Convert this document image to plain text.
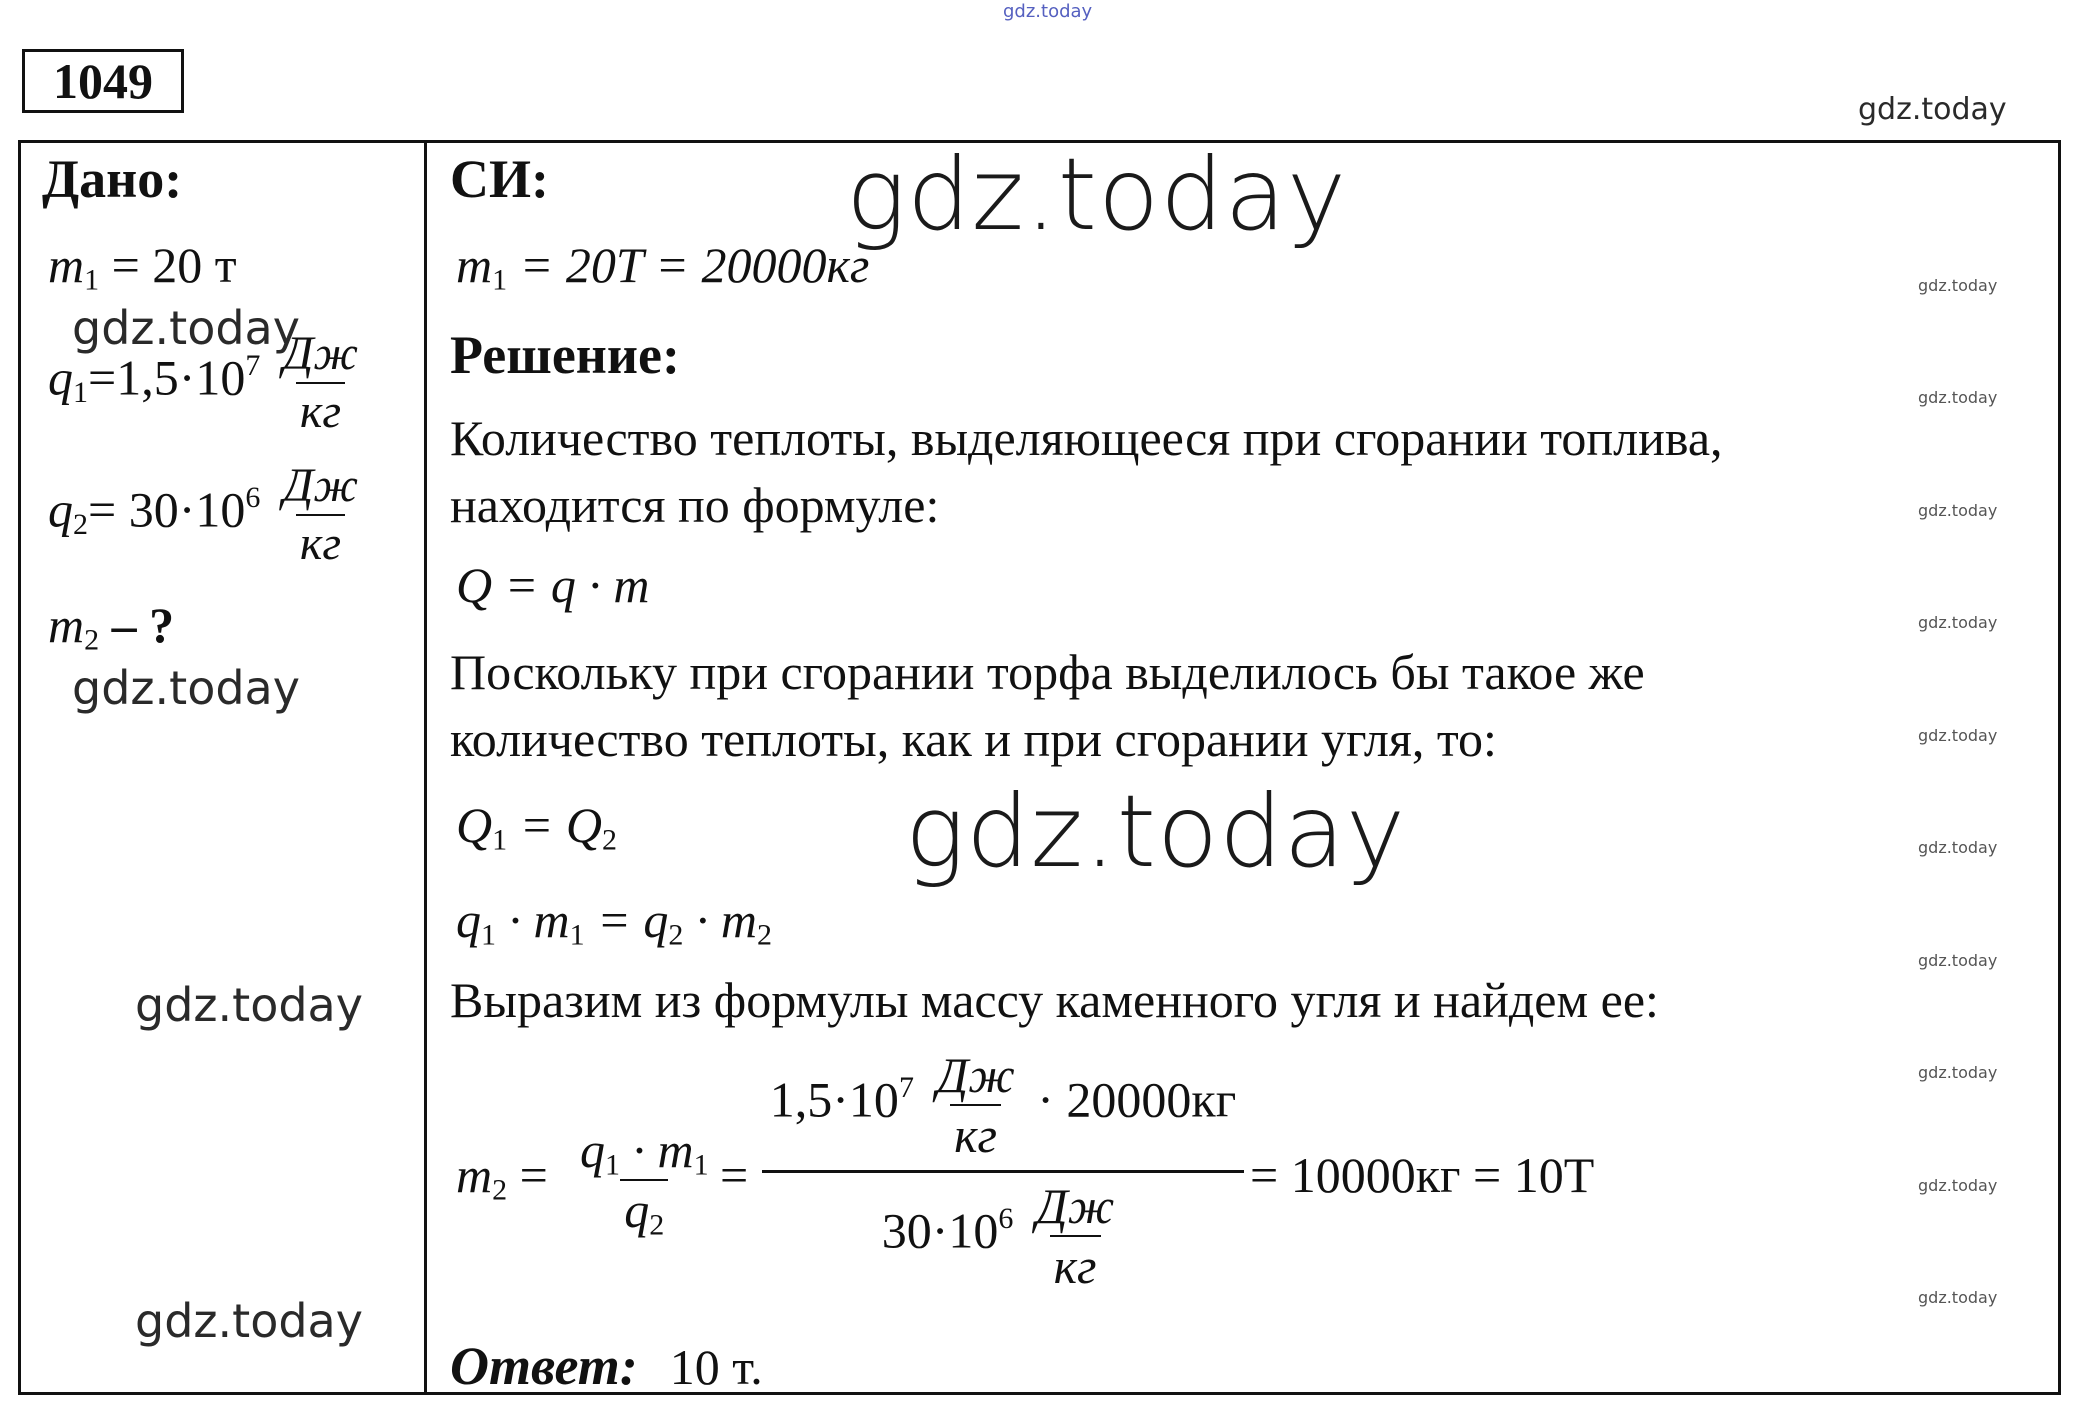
gdz.today
gdz.today
1049
Дано:
$m_1 = 20$ т
$q_1=1,5\cdot 10^7 \frac{Дж}{кг}$
$q_2= 30\cdot 10^6 \frac{Дж}{кг}$
$m_2$ – ?
gdz.today
gdz.today
gdz.today
gdz.today
СИ:
$m_1 = 20T = 20000кг$
gdz.today
Решение:
Количество теплоты, выделяющееся при сгорании топлива,
находится по формуле:
Q = q · m
Поскольку при сгорании торфа выделилось бы такое же
количество теплоты, как и при сгорании угля, то:
$Q_1 = Q_2$	gdz.today
$q_1 \cdot m_1 = q_2 \cdot m_2$
Выразим из формулы массу каменного угля и найдем ее:
$m_2 = \frac{q_1 \cdot m_1}{q_2}$ =
$1,5\cdot 10^7 \frac{Дж}{кг} \cdot 20000кг$
$30\cdot 10^6 \frac{Дж}{кг}$
= 10000кг = 10T
Ответ: 10 т.
gdz.today
gdz.today
gdz.today
gdz.today
gdz.today
gdz.today
gdz.today
gdz.today
gdz.today
gdz.today
